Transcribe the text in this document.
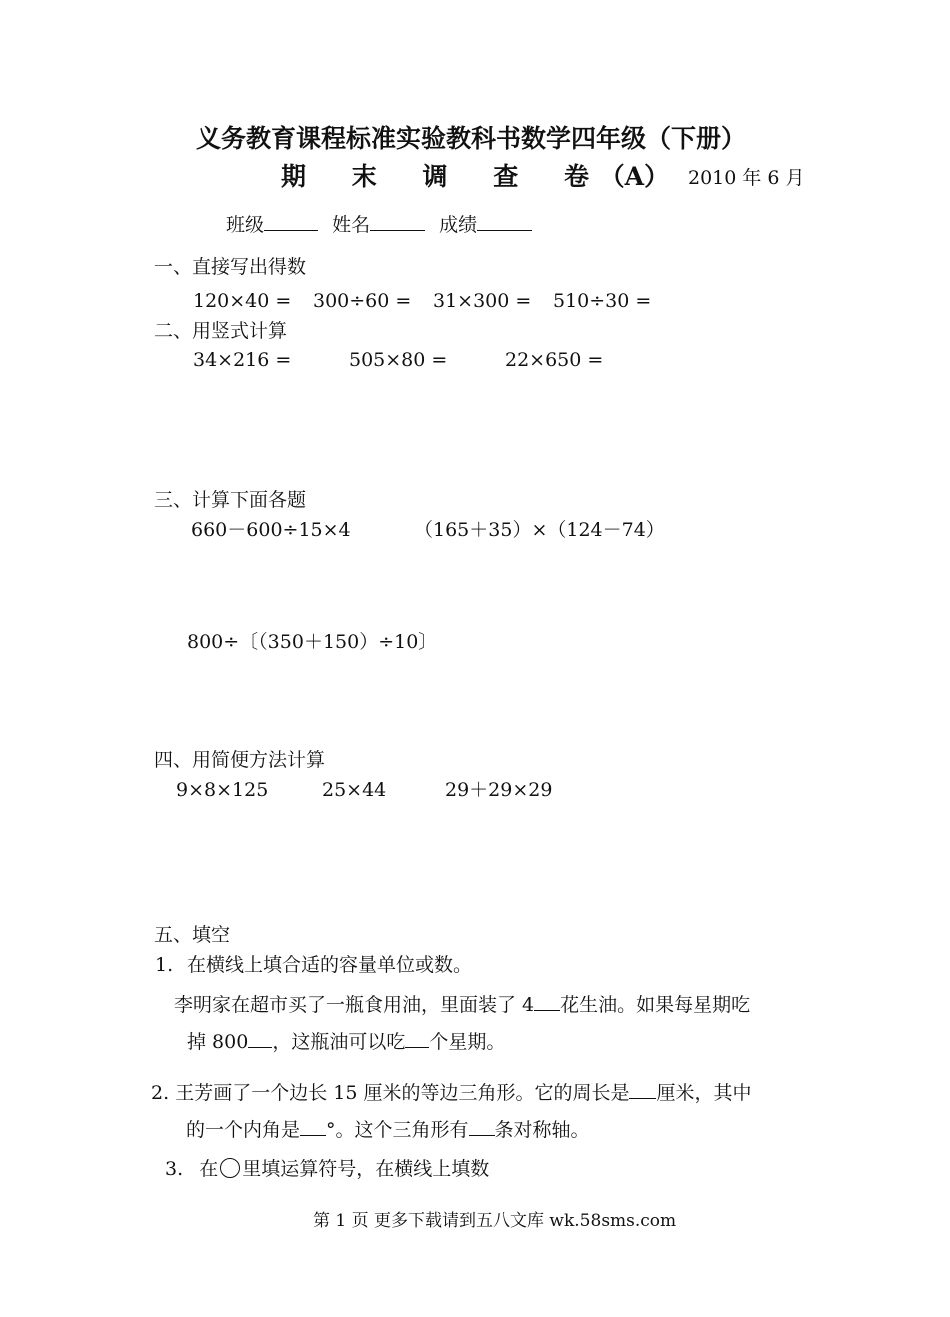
义务教育课程标准实验教科书数学四年级（下册）
期 末 调 查 卷 （A） 2010 年 6 月
班级	姓名	成绩
一、直接写出得数
120×40 = 300÷60 = 31×300 = 510÷30 =
二、用竖式计算
34×216 =	505×80 =	22×650 =
三、计算下面各题
660－600÷15×4	（165＋35）×（124－74）
800÷〔（350＋150）÷10〕
四、用简便方法计算
9×8×125	25×44	29＋29×29
五、填空
1. 在横线上填合适的容量单位或数。
李明家在超市买了一瓶食用油，里面装了 4 花生油。如果每星期吃
掉 800 ，这瓶油可以吃 个星期。
2. 王芳画了一个边长 15 厘米的等边三角形。它的周长是 厘米，其中
的一个内角是 °。这个三角形有 条对称轴。
3. 在 里填运算符号，在横线上填数
第 1 页 更多下载请到五八文库 wk.58sms.com
